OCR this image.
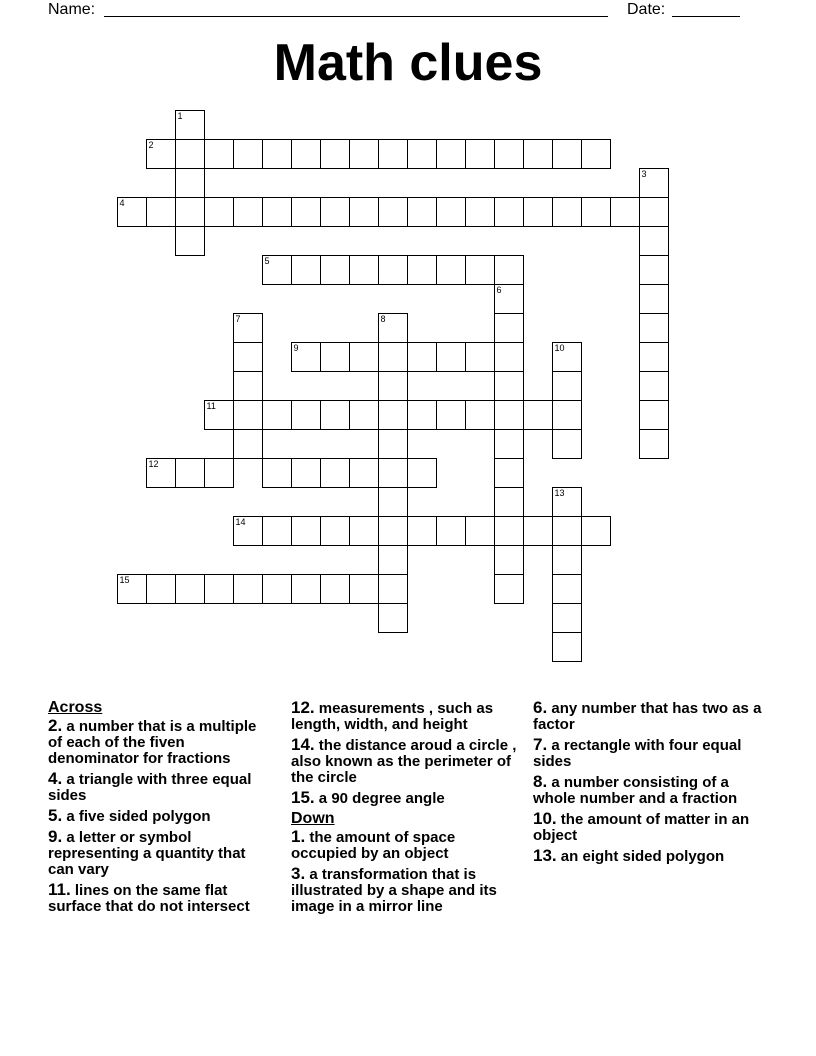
Name:	Date:
Math clues
2
1
4
3
5
6
7	8
9	10
11
12
13
14
15
Across
2. a number that is a multiple of each of the fiven denominator for fractions
4. a triangle with three equal sides
5. a five sided polygon
9. a letter or symbol representing a quantity that can vary
11. lines on the same flat surface that do not intersect
12. measurements , such as length, width, and height
14. the distance aroud a circle , also known as the perimeter of the circle
15. a 90 degree angle
Down
1. the amount of space occupied by an object
3. a transformation that is illustrated by a shape and its image in a mirror line
6. any number that has two as a factor
7. a rectangle with four equal sides
8. a number consisting of a whole number and a fraction
10. the amount of matter in an object
13. an eight sided polygon
